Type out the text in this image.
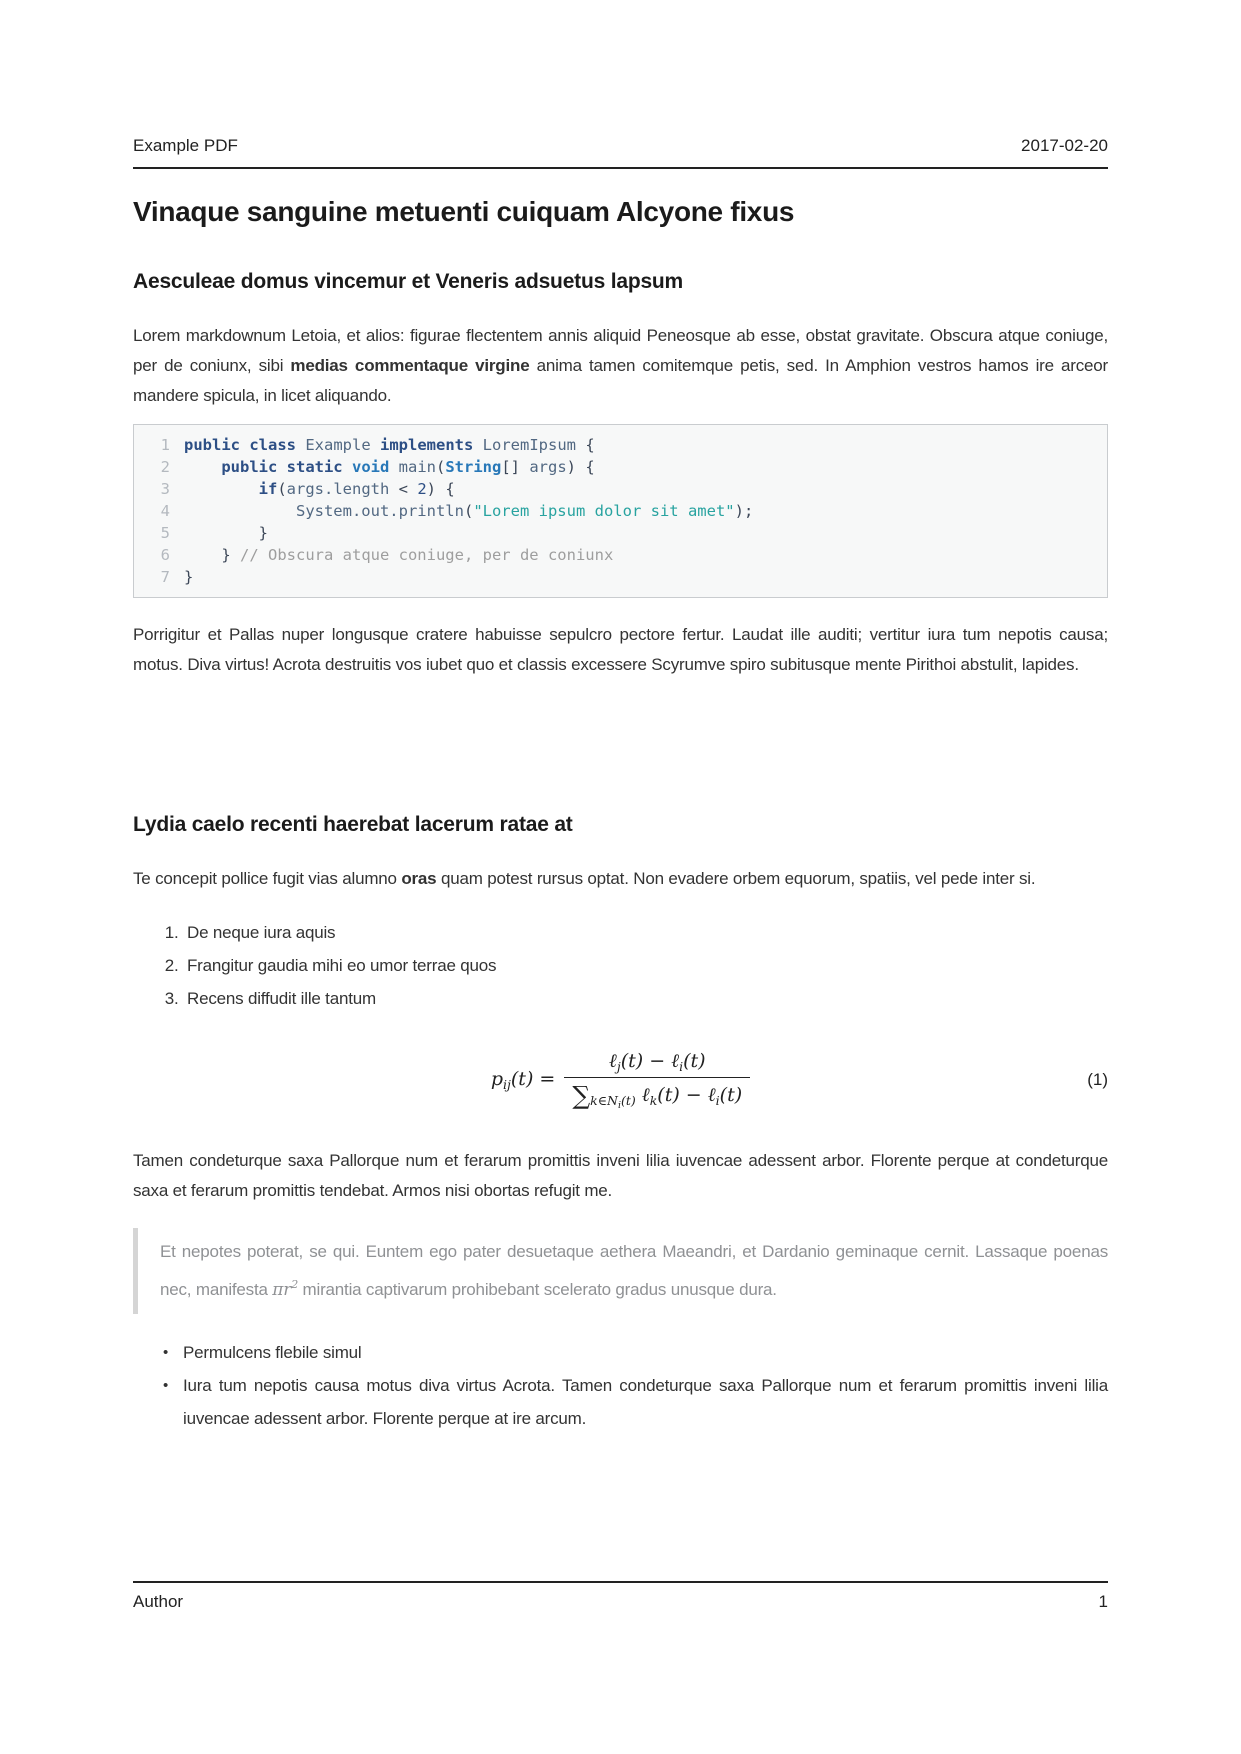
Example PDF	2017-02-20
Vinaque sanguine metuenti cuiquam Alcyone fixus
Aesculeae domus vincemur et Veneris adsuetus lapsum

Lorem markdownum Letoia, et alios: figurae flectentem annis aliquid Peneosque ab esse, obstat gravitate. Obscura atque coniuge, per de coniunx, sibi medias commentaque virgine anima tamen comitemque petis, sed. In Amphion vestros hamos ire arceor mandere spicula, in licet aliquando.

1 public class Example implements LoremIpsum {
2	public static void main(String[] args) {
3	if(args.length < 2) {
4	System.out.println("Lorem ipsum dolor sit amet");
5 }
6 } // Obscura atque coniuge, per de coniunx
7 }

Porrigitur et Pallas nuper longusque cratere habuisse sepulcro pectore fertur. Laudat ille auditi; vertitur iura tum nepotis causa; motus. Diva virtus! Acrota destruitis vos iubet quo et classis excessere Scyrumve spiro subitusque mente Pirithoi abstulit, lapides.

Lydia caelo recenti haerebat lacerum ratae at

Te concepit pollice fugit vias alumno oras quam potest rursus optat. Non evadere orbem equorum, spatiis, vel pede inter si.

1. De neque iura aquis
2. Frangitur gaudia mihi eo umor terrae quos
3. Recens diffudit ille tantum
$p_{ij}(t) = \frac{\ell_j(t) - \ell_i(t)}{\sum_{k\in Ni(t)} \ell_k(t) - \ell_i(t)}$	(1)

Tamen condeturque saxa Pallorque num et ferarum promittis inveni lilia iuvencae adessent arbor. Florente perque at condeturque saxa et ferarum promittis tendebat. Armos nisi obortas refugit me.

Et nepotes poterat, se qui. Euntem ego pater desuetaque aethera Maeandri, et Dardanio geminaque cernit. Lassaque poenas nec, manifesta $\pi r^2$ mirantia captivarum prohibebant scelerato gradus unusque dura.
• Permulcens flebile simul
• Iura tum nepotis causa motus diva virtus Acrota. Tamen condeturque saxa Pallorque num et ferarum promittis inveni lilia iuvencae adessent arbor. Florente perque at ire arcum.
Author	1
